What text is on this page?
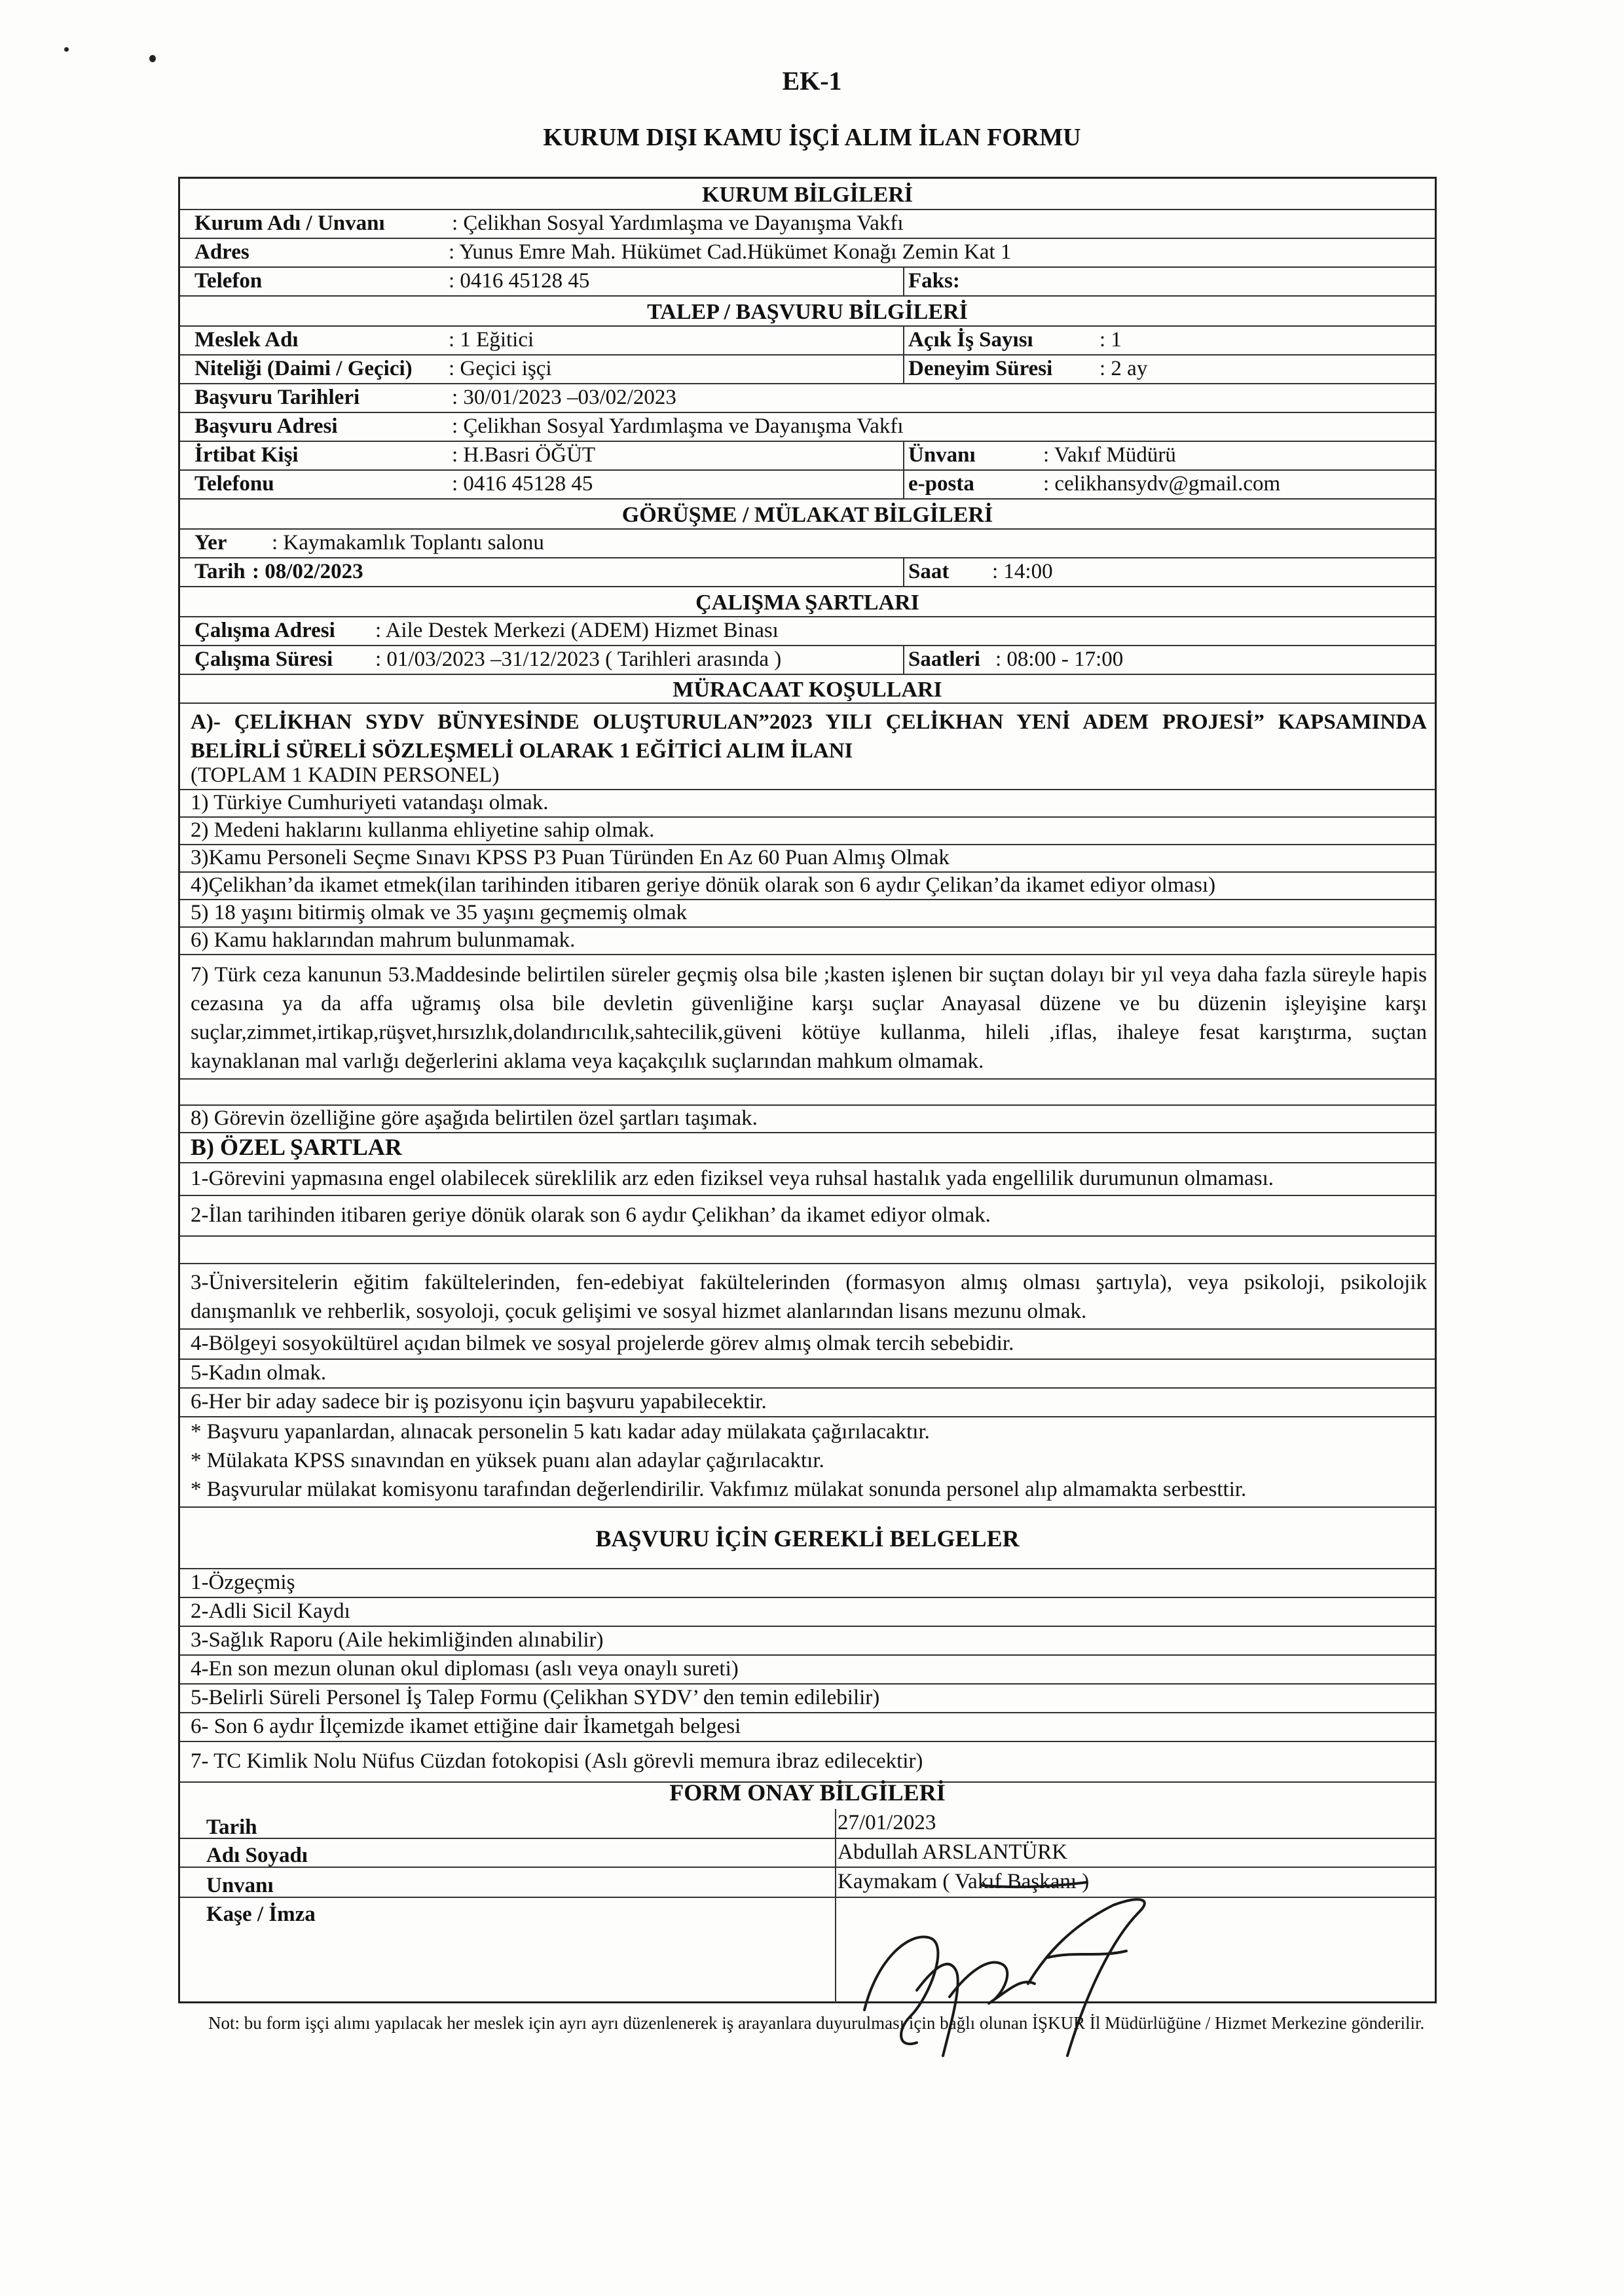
EK-1
KURUM DIŞI KAMU İŞÇİ ALIM İLAN FORMU
KURUM BİLGİLERİ
Kurum Adı / Unvanı	: Çelikhan Sosyal Yardımlaşma ve Dayanışma Vakfı
Adres	: Yunus Emre Mah. Hükümet Cad.Hükümet Konağı Zemin Kat 1
Telefon	: 0416 45128 45	Faks:
TALEP / BAŞVURU BİLGİLERİ
Meslek Adı	: 1 Eğitici	Açık İş Sayısı	: 1
Niteliği (Daimi / Geçici) : Geçici işçi	Deneyim Süresi : 2 ay
Başvuru Tarihleri	: 30/01/2023 –03/02/2023
Başvuru Adresi	: Çelikhan Sosyal Yardımlaşma ve Dayanışma Vakfı
İrtibat Kişi	: H.Basri ÖĞÜT	Ünvanı	: Vakıf Müdürü
Telefonu	: 0416 45128 45	e-posta	: celikhansydv@gmail.com
GÖRÜŞME / MÜLAKAT BİLGİLERİ
Yer : Kaymakamlık Toplantı salonu
Tarih : 08/02/2023	Saat : 14:00
ÇALIŞMA ŞARTLARI
Çalışma Adresi : Aile Destek Merkezi (ADEM) Hizmet Binası
Çalışma Süresi : 01/03/2023 –31/12/2023 ( Tarihleri arasında )	Saatleri : 08:00 - 17:00
MÜRACAAT KOŞULLARI
A)- ÇELİKHAN SYDV BÜNYESİNDE OLUŞTURULAN”2023 YILI ÇELİKHAN YENİ ADEM PROJESİ” KAPSAMINDA BELİRLİ SÜRELİ SÖZLEŞMELİ OLARAK 1 EĞİTİCİ ALIM İLANI
(TOPLAM 1 KADIN PERSONEL)
1) Türkiye Cumhuriyeti vatandaşı olmak.
2) Medeni haklarını kullanma ehliyetine sahip olmak.
3)Kamu Personeli Seçme Sınavı KPSS P3 Puan Türünden En Az 60 Puan Almış Olmak
4)Çelikhan’da ikamet etmek(ilan tarihinden itibaren geriye dönük olarak son 6 aydır Çelikan’da ikamet ediyor olması)
5) 18 yaşını bitirmiş olmak ve 35 yaşını geçmemiş olmak
6) Kamu haklarından mahrum bulunmamak.
7) Türk ceza kanunun 53.Maddesinde belirtilen süreler geçmiş olsa bile ;kasten işlenen bir suçtan dolayı bir yıl veya daha fazla süreyle hapis cezasına ya da affa uğramış olsa bile devletin güvenliğine karşı suçlar Anayasal düzene ve bu düzenin işleyişine karşı suçlar,zimmet,irtikap,rüşvet,hırsızlık,dolandırıcılık,sahtecilik,güveni kötüye kullanma, hileli ,iflas, ihaleye fesat karıştırma, suçtan kaynaklanan mal varlığı değerlerini aklama veya kaçakçılık suçlarından mahkum olmamak.
8) Görevin özelliğine göre aşağıda belirtilen özel şartları taşımak.
B) ÖZEL ŞARTLAR
1-Görevini yapmasına engel olabilecek süreklilik arz eden fiziksel veya ruhsal hastalık yada engellilik durumunun olmaması.
2-İlan tarihinden itibaren geriye dönük olarak son 6 aydır Çelikhan’ da ikamet ediyor olmak.
3-Üniversitelerin eğitim fakültelerinden, fen-edebiyat fakültelerinden (formasyon almış olması şartıyla), veya psikoloji, psikolojik danışmanlık ve rehberlik, sosyoloji, çocuk gelişimi ve sosyal hizmet alanlarından lisans mezunu olmak.
4-Bölgeyi sosyokültürel açıdan bilmek ve sosyal projelerde görev almış olmak tercih sebebidir.
5-Kadın olmak.
6-Her bir aday sadece bir iş pozisyonu için başvuru yapabilecektir.
* Başvuru yapanlardan, alınacak personelin 5 katı kadar aday mülakata çağırılacaktır.
* Mülakata KPSS sınavından en yüksek puanı alan adaylar çağırılacaktır.
* Başvurular mülakat komisyonu tarafından değerlendirilir. Vakfımız mülakat sonunda personel alıp almamakta serbesttir.
BAŞVURU İÇİN GEREKLİ BELGELER
1-Özgeçmiş
2-Adli Sicil Kaydı
3-Sağlık Raporu (Aile hekimliğinden alınabilir)
4-En son mezun olunan okul diploması (aslı veya onaylı sureti)
5-Belirli Süreli Personel İş Talep Formu (Çelikhan SYDV’ den temin edilebilir)
6- Son 6 aydır İlçemizde ikamet ettiğine dair İkametgah belgesi
7- TC Kimlik Nolu Nüfus Cüzdan fotokopisi (Aslı görevli memura ibraz edilecektir)
FORM ONAY BİLGİLERİ
Tarih	27/01/2023
Adı Soyadı	Abdullah ARSLANTÜRK
Unvanı	Kaymakam ( Vakıf Başkanı )
Kaşe / İmza
Not: bu form işçi alımı yapılacak her meslek için ayrı ayrı düzenlenerek iş arayanlara duyurulması için bağlı olunan İŞKUR İl Müdürlüğüne / Hizmet Merkezine gönderilir.
